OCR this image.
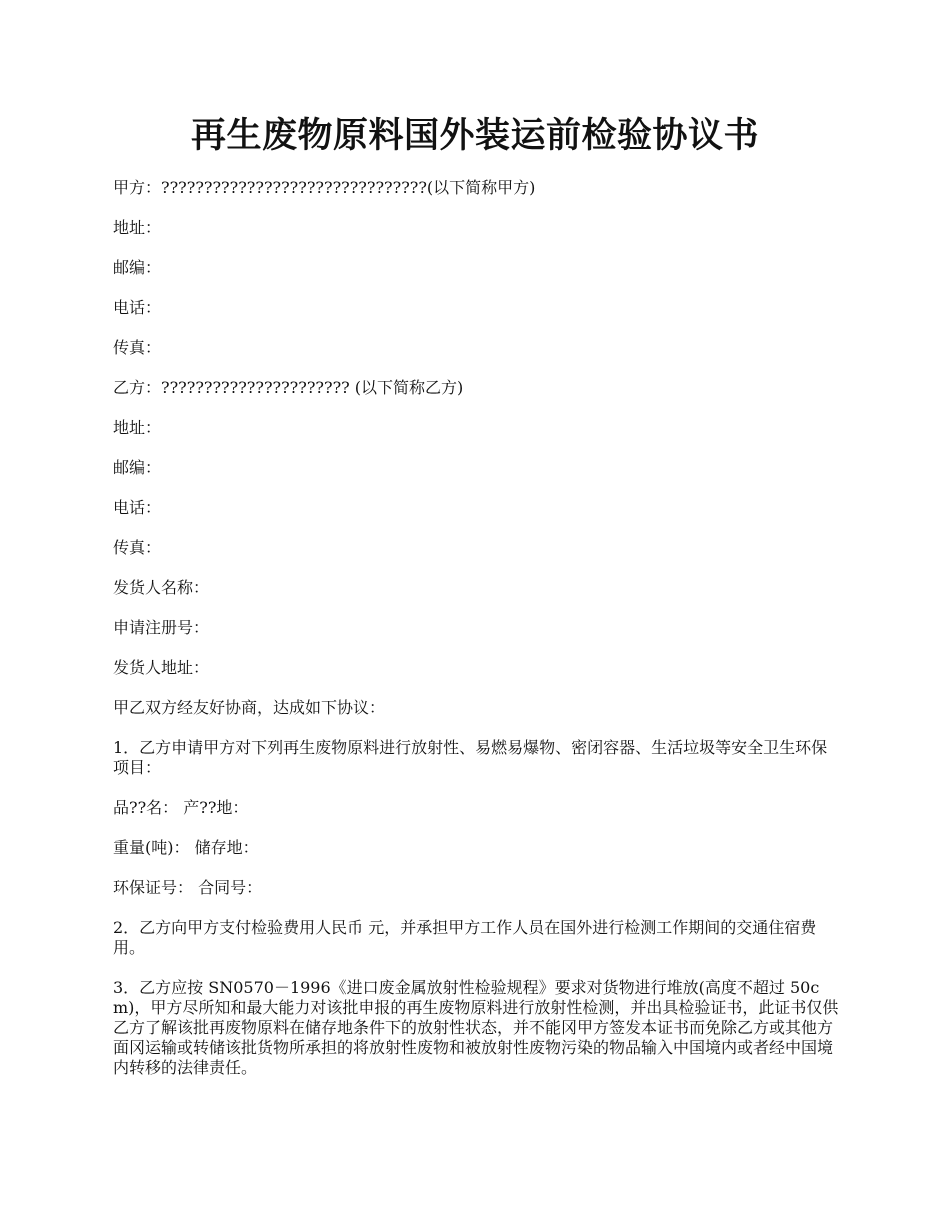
再生废物原料国外装运前检验协议书

甲方：???????????????????????????????(以下简称甲方)

地址：

邮编：

电话：

传真：

乙方：?????????????????????? (以下简称乙方)

地址：

邮编：

电话：

传真：

发货人名称：

申请注册号：

发货人地址：

甲乙双方经友好协商，达成如下协议：

1．乙方申请甲方对下列再生废物原料进行放射性、易燃易爆物、密闭容器、生活垃圾等安全卫生环保项目：

品??名： 产??地：

重量(吨)： 储存地：

环保证号： 合同号：

2．乙方向甲方支付检验费用人民币 元，并承担甲方工作人员在国外进行检测工作期间的交通住宿费用。

3．乙方应按 SN0570－1996《进口废金属放射性检验规程》要求对货物进行堆放(高度不超过 50cm)，甲方尽所知和最大能力对该批申报的再生废物原料进行放射性检测，并出具检验证书，此证书仅供乙方了解该批再废物原料在储存地条件下的放射性状态，并不能冈甲方签发本证书而免除乙方或其他方面冈运输或转储该批货物所承担的将放射性废物和被放射性废物污染的物品输入中国境内或者经中国境内转移的法律责任。
